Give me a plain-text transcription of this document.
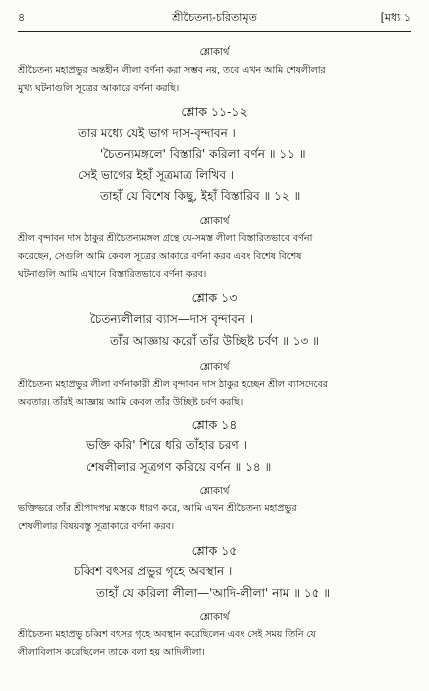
৪	শ্রীচৈতন্য-চরিতামৃত	[মধ্য ১
শ্লোকার্থ
শ্রীচৈতন্য মহাপ্রভুর অন্তহীন লীলা বর্ণনা করা সম্ভব নয়, তবে এখন আমি শেষলীলার
মুখ্য ঘটনাগুলি সূত্রের আকারে বর্ণনা করছি।
শ্লোক ১১-১২
তার মধ্যে যেই ভাগ দাস-বৃন্দাবন ।
'চৈতন্যমঙ্গলে' বিস্তারি' করিলা বর্ণন ॥ ১১ ॥
সেই ভাগের ইহাঁ সূত্রমাত্র লিখিব ।
তাহাঁ যে বিশেষ কিছু, ইহাঁ বিস্তারিব ॥ ১২ ॥
শ্লোকার্থ
শ্রীল বৃন্দাবন দাস ঠাকুর শ্রীচৈতন্যমঙ্গল গ্রন্থে যে-সমস্ত লীলা বিস্তারিতভাবে বর্ণনা
করেছেন, সেগুলি আমি কেবল সূত্রের আকারে বর্ণনা করব এবং বিশেষ বিশেষ
ঘটনাগুলি আমি এখানে বিস্তারিতভাবে বর্ণনা করব।
শ্লোক ১৩
চৈতন্যলীলার ব্যাস—দাস বৃন্দাবন ।
তাঁর আজ্ঞায় করোঁ তাঁর উচ্ছিষ্ট চর্বণ ॥ ১৩ ॥
শ্লোকার্থ
শ্রীচৈতন্য মহাপ্রভুর লীলা বর্ণনাকারী শ্রীল বৃন্দাবন দাস ঠাকুর হচ্ছেন শ্রীল ব্যাসদেবের
অবতার। তাঁরই আজ্ঞায় আমি কেবল তাঁর উচ্ছিষ্ট চর্বণ করছি।
শ্লোক ১৪
ভক্তি করি' শিরে ধরি তাঁহার চরণ ।
শেষলীলার সূত্রগণ করিয়ে বর্ণন ॥ ১৪ ॥
শ্লোকার্থ
ভক্তিভরে তাঁর শ্রীপাদপদ্ম মস্তকে ধারণ করে, আমি এখন শ্রীচৈতন্য মহাপ্রভুর
শেষলীলার বিষয়বস্তু সূত্রাকারে বর্ণনা করব।
শ্লোক ১৫
চব্বিশ বৎসর প্রভুর গৃহে অবস্থান ।
তাহাঁ যে করিলা লীলা—'আদি-লীলা' নাম ॥ ১৫ ॥
শ্লোকার্থ
শ্রীচৈতন্য মহাপ্রভু চব্বিশ বৎসর গৃহে অবস্থান করেছিলেন এবং সেই সময় তিনি যে
লীলাবিলাস করেছিলেন তাকে বলা হয় আদিলীলা।
